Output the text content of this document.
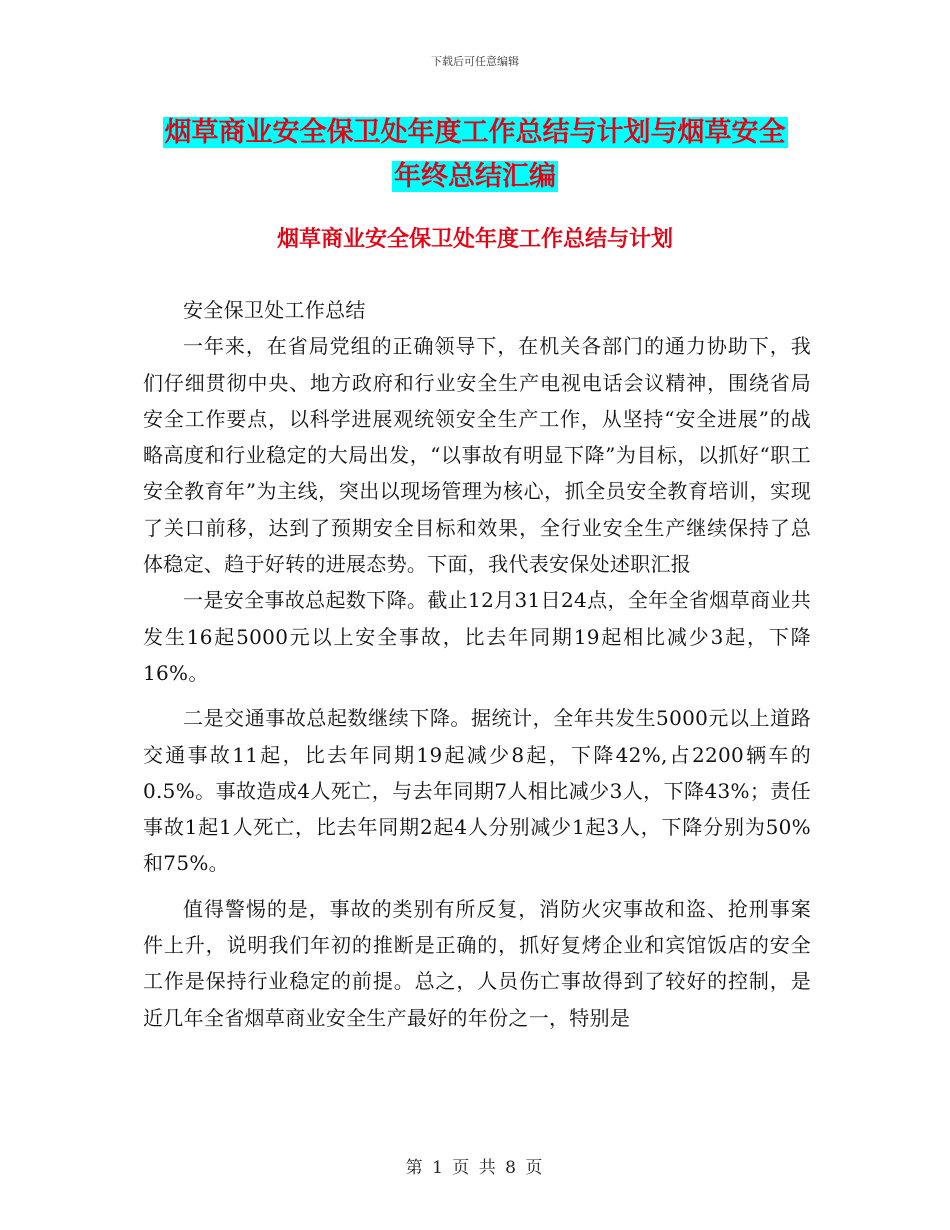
下载后可任意编辑
烟草商业安全保卫处年度工作总结与计划与烟草安全
年终总结汇编
烟草商业安全保卫处年度工作总结与计划

安全保卫处工作总结

一年来，在省局党组的正确领导下，在机关各部门的通力协助下，我们仔细贯彻中央、地方政府和行业安全生产电视电话会议精神，围绕省局安全工作要点，以科学进展观统领安全生产工作，从坚持“安全进展”的战略高度和行业稳定的大局出发，“以事故有明显下降”为目标，以抓好“职工安全教育年”为主线，突出以现场管理为核心，抓全员安全教育培训，实现了关口前移，达到了预期安全目标和效果，全行业安全生产继续保持了总体稳定、趋于好转的进展态势。下面，我代表安保处述职汇报

一是安全事故总起数下降。截止12月31日24点，全年全省烟草商业共发生16起5000元以上安全事故，比去年同期19起相比减少3起，下降16%。

二是交通事故总起数继续下降。据统计，全年共发生5000元以上道路交通事故11起，比去年同期19起减少8起，下降42%,占2200辆车的0.5%。事故造成4人死亡，与去年同期7人相比减少3人，下降43%；责任事故1起1人死亡，比去年同期2起4人分别减少1起3人，下降分别为50%和75%。

值得警惕的是，事故的类别有所反复，消防火灾事故和盗、抢刑事案件上升，说明我们年初的推断是正确的，抓好复烤企业和宾馆饭店的安全工作是保持行业稳定的前提。总之，人员伤亡事故得到了较好的控制，是近几年全省烟草商业安全生产最好的年份之一，特别是

第 1 页 共 8 页
